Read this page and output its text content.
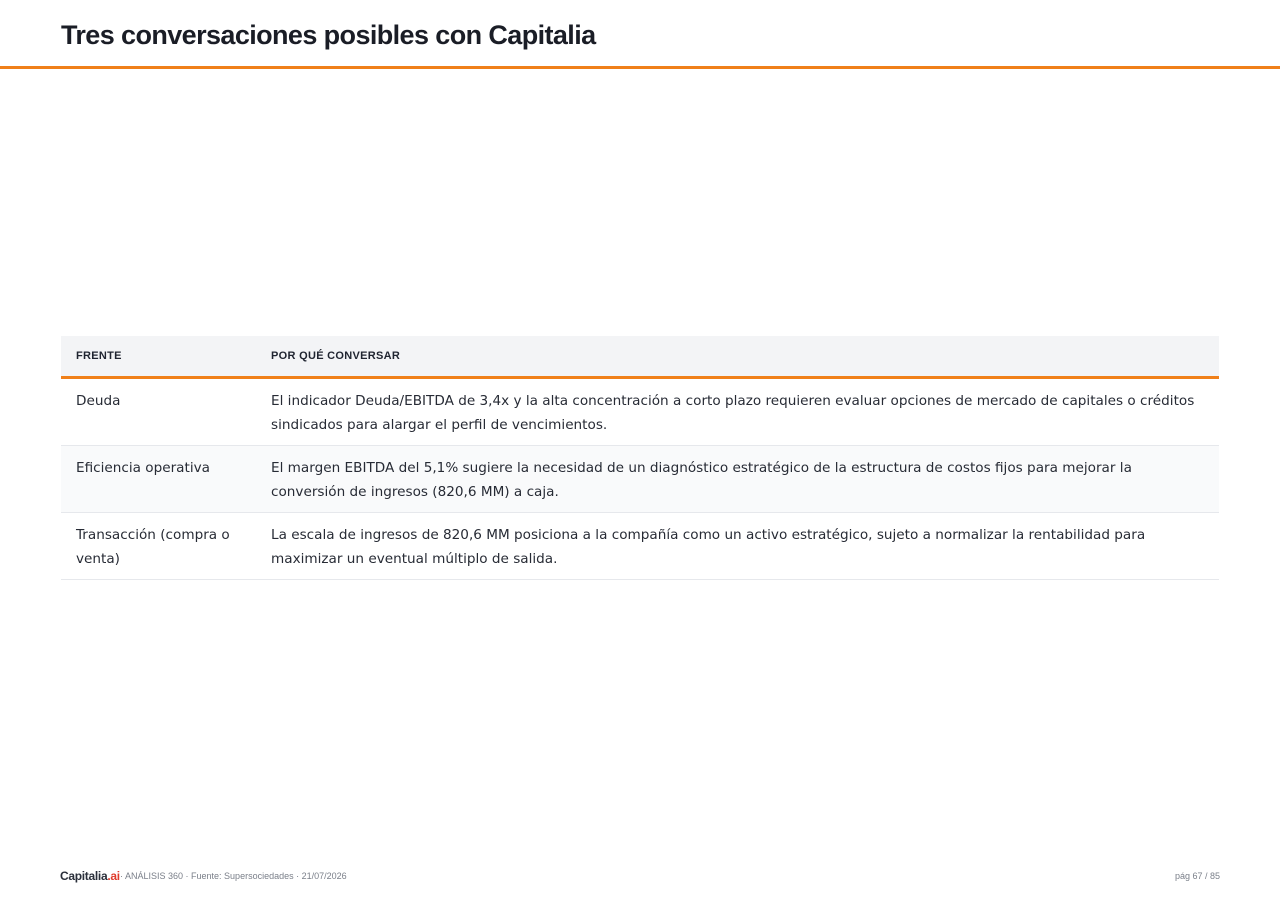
Tres conversaciones posibles con Capitalia
FRENTE	POR QUÉ CONVERSAR
Deuda	El indicador Deuda/EBITDA de 3,4x y la alta concentración a corto plazo requieren evaluar opciones de mercado de capitales o créditos sindicados para alargar el perfil de vencimientos.
Eficiencia operativa	El margen EBITDA del 5,1% sugiere la necesidad de un diagnóstico estratégico de la estructura de costos fijos para mejorar la conversión de ingresos (820,6 MM) a caja.
Transacción (compra o venta)	La escala de ingresos de 820,6 MM posiciona a la compañía como un activo estratégico, sujeto a normalizar la rentabilidad para maximizar un eventual múltiplo de salida.
Capitalia.ai · ANÁLISIS 360 · Fuente: Supersociedades · 21/07/2026	pág 67 / 85
